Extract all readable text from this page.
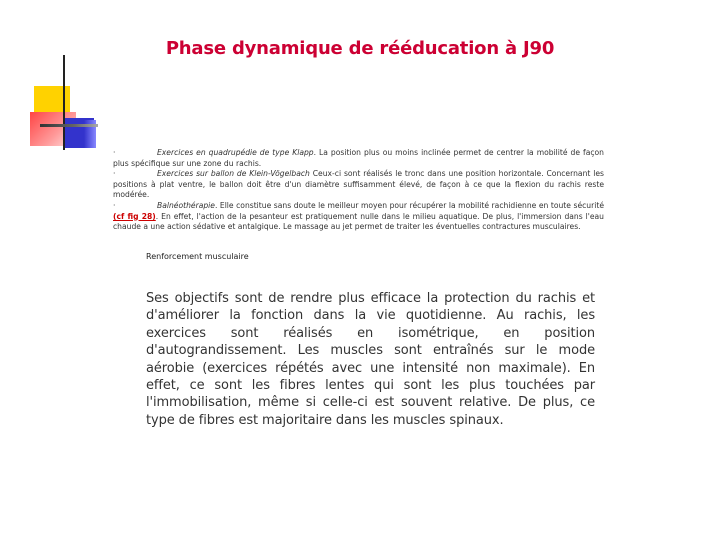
Phase dynamique de rééducation à J90

·	Exercices en quadrupédie de type Klapp. La position plus ou moins inclinée permet de centrer la mobilité de façon plus spécifique sur une zone du rachis.

·	Exercices sur ballon de Klein-Vögelbach Ceux-ci sont réalisés le tronc dans une position horizontale. Concernant les positions à plat ventre, le ballon doit être d'un diamètre suffisamment élevé, de façon à ce que la flexion du rachis reste modérée.

·	Balnéothérapie. Elle constitue sans doute le meilleur moyen pour récupérer la mobilité rachidienne en toute sécurité (cf fig 28). En effet, l'action de la pesanteur est pratiquement nulle dans le milieu aquatique. De plus, l'immersion dans l'eau chaude a une action sédative et antalgique. Le massage au jet permet de traiter les éventuelles contractures musculaires.

Renforcement musculaire
Ses objectifs sont de rendre plus efficace la protection du rachis et d'améliorer la fonction dans la vie quotidienne. Au rachis, les exercices sont réalisés en isométrique, en position d'autograndissement. Les muscles sont entraînés sur le mode aérobie (exercices répétés avec une intensité non maximale). En effet, ce sont les fibres lentes qui sont les plus touchées par l'immobilisation, même si celle-ci est souvent relative. De plus, ce type de fibres est majoritaire dans les muscles spinaux.
